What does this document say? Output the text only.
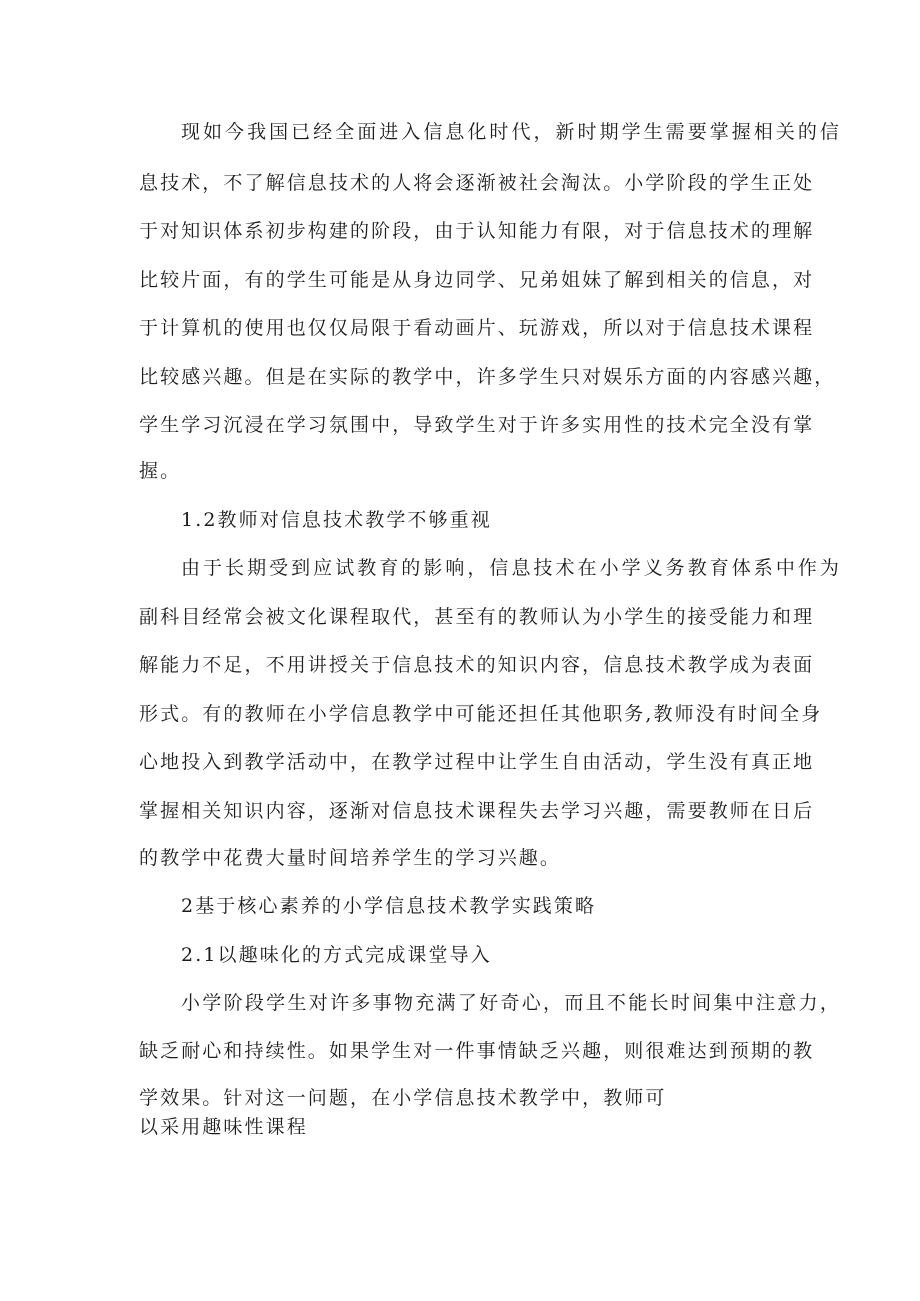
现如今我国已经全面进入信息化时代，新时期学生需要掌握相关的信
息技术，不了解信息技术的人将会逐渐被社会淘汰。小学阶段的学生正处
于对知识体系初步构建的阶段，由于认知能力有限，对于信息技术的理解
比较片面，有的学生可能是从身边同学、兄弟姐妹了解到相关的信息，对
于计算机的使用也仅仅局限于看动画片、玩游戏，所以对于信息技术课程
比较感兴趣。但是在实际的教学中，许多学生只对娱乐方面的内容感兴趣，
学生学习沉浸在学习氛围中，导致学生对于许多实用性的技术完全没有掌
握。
1.2教师对信息技术教学不够重视
由于长期受到应试教育的影响，信息技术在小学义务教育体系中作为
副科目经常会被文化课程取代，甚至有的教师认为小学生的接受能力和理
解能力不足，不用讲授关于信息技术的知识内容，信息技术教学成为表面
形式。有的教师在小学信息教学中可能还担任其他职务,教师没有时间全身
心地投入到教学活动中，在教学过程中让学生自由活动，学生没有真正地
掌握相关知识内容，逐渐对信息技术课程失去学习兴趣，需要教师在日后
的教学中花费大量时间培养学生的学习兴趣。
2基于核心素养的小学信息技术教学实践策略
2.1以趣味化的方式完成课堂导入
小学阶段学生对许多事物充满了好奇心，而且不能长时间集中注意力，
缺乏耐心和持续性。如果学生对一件事情缺乏兴趣，则很难达到预期的教
学效果。针对这一问题，在小学信息技术教学中，教师可
以采用趣味性课程
